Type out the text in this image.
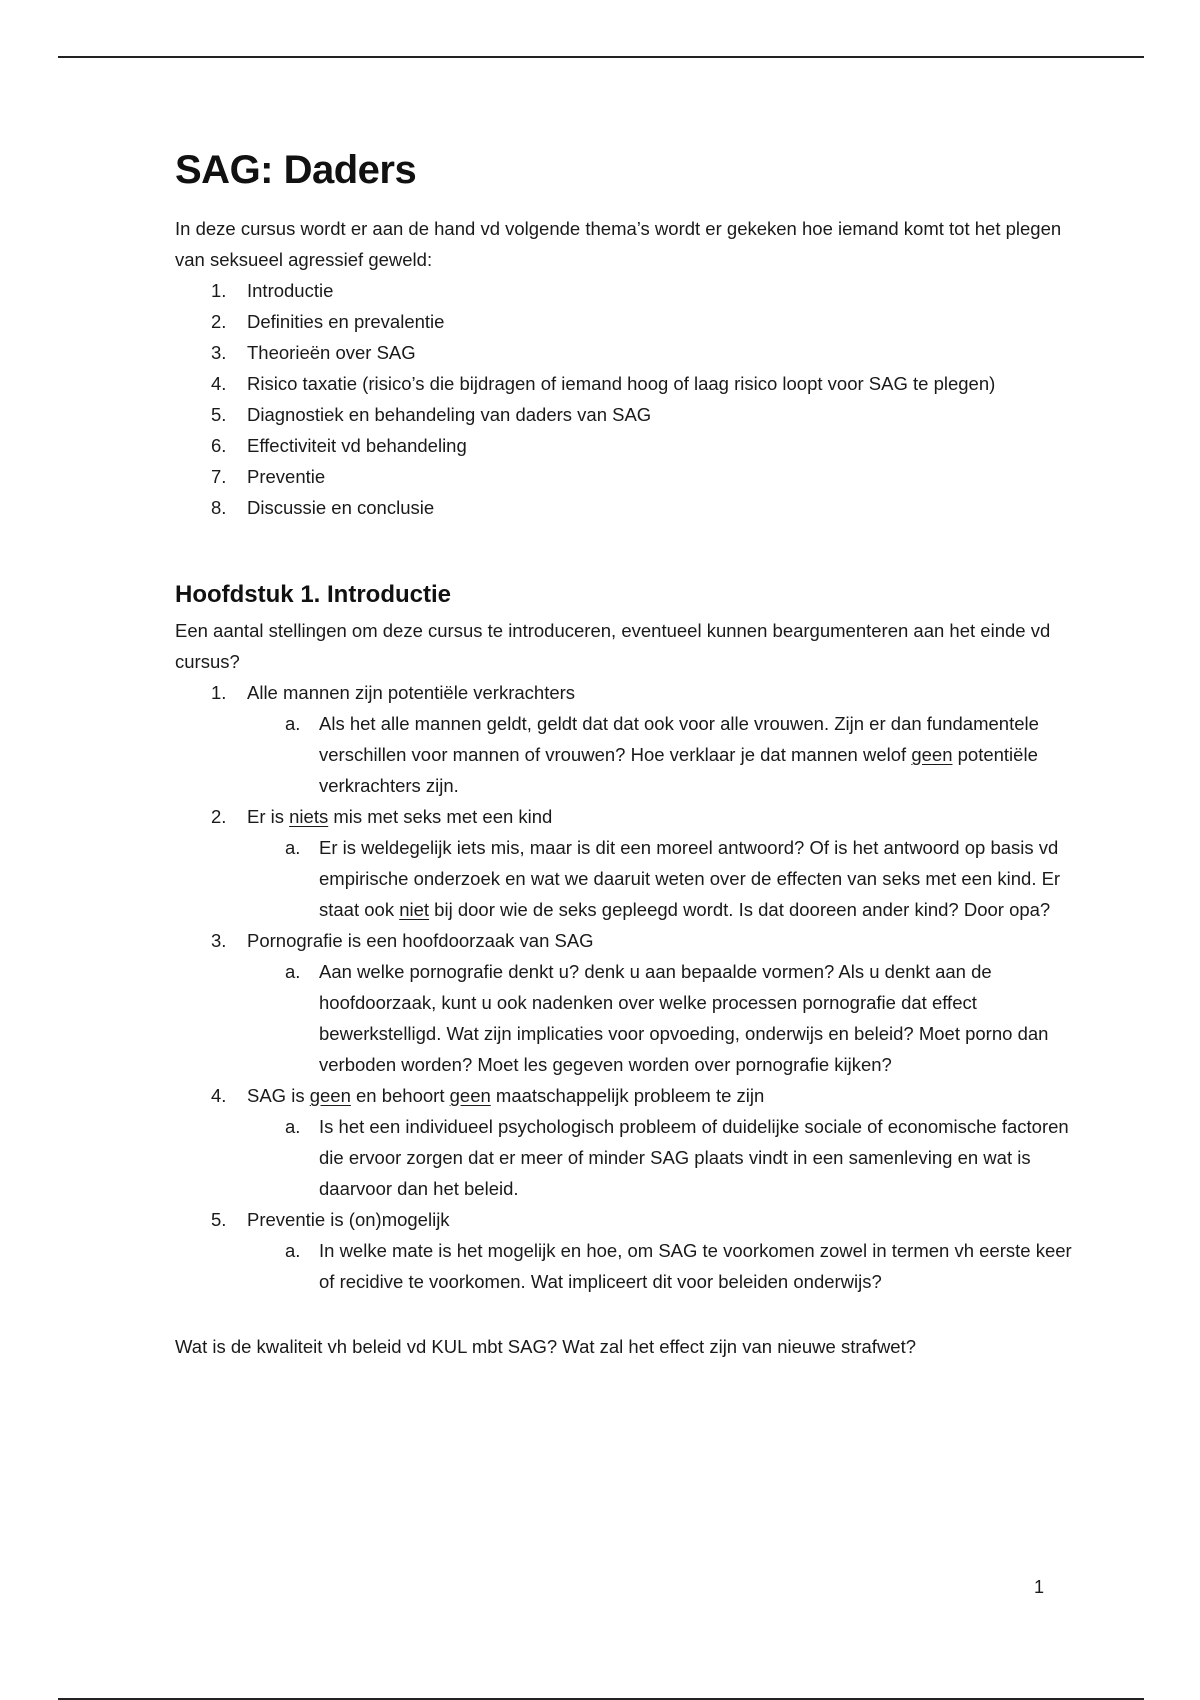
SAG: Daders

In deze cursus wordt er aan de hand vd volgende thema’s wordt er gekeken hoe iemand komt tot het plegen van seksueel agressief geweld:

1. Introductie
2. Definities en prevalentie
3. Theorieën over SAG
4. Risico taxatie (risico’s die bijdragen of iemand hoog of laag risico loopt voor SAG te plegen)
5. Diagnostiek en behandeling van daders van SAG
6. Effectiviteit vd behandeling
7. Preventie
8. Discussie en conclusie
Hoofdstuk 1. Introductie

Een aantal stellingen om deze cursus te introduceren, eventueel kunnen beargumenteren aan het einde vd cursus?

1. Alle mannen zijn potentiële verkrachters
a. Als het alle mannen geldt, geldt dat dat ook voor alle vrouwen. Zijn er dan fundamentele verschillen voor mannen of vrouwen? Hoe verklaar je dat mannen welof geen potentiële verkrachters zijn.
2. Er is niets mis met seks met een kind
a. Er is weldegelijk iets mis, maar is dit een moreel antwoord? Of is het antwoord op basis vd empirische onderzoek en wat we daaruit weten over de effecten van seks met een kind. Er staat ook niet bij door wie de seks gepleegd wordt. Is dat dooreen ander kind? Door opa?
3. Pornografie is een hoofdoorzaak van SAG
a. Aan welke pornografie denkt u? denk u aan bepaalde vormen? Als u denkt aan de hoofdoorzaak, kunt u ook nadenken over welke processen pornografie dat effect bewerkstelligd. Wat zijn implicaties voor opvoeding, onderwijs en beleid? Moet porno dan verboden worden? Moet les gegeven worden over pornografie kijken?
4. SAG is geen en behoort geen maatschappelijk probleem te zijn
a. Is het een individueel psychologisch probleem of duidelijke sociale of economische factoren die ervoor zorgen dat er meer of minder SAG plaats vindt in een samenleving en wat is daarvoor dan het beleid.
5. Preventie is (on)mogelijk
a. In welke mate is het mogelijk en hoe, om SAG te voorkomen zowel in termen vh eerste keer of recidive te voorkomen. Wat impliceert dit voor beleiden onderwijs?

Wat is de kwaliteit vh beleid vd KUL mbt SAG? Wat zal het effect zijn van nieuwe strafwet?

1
